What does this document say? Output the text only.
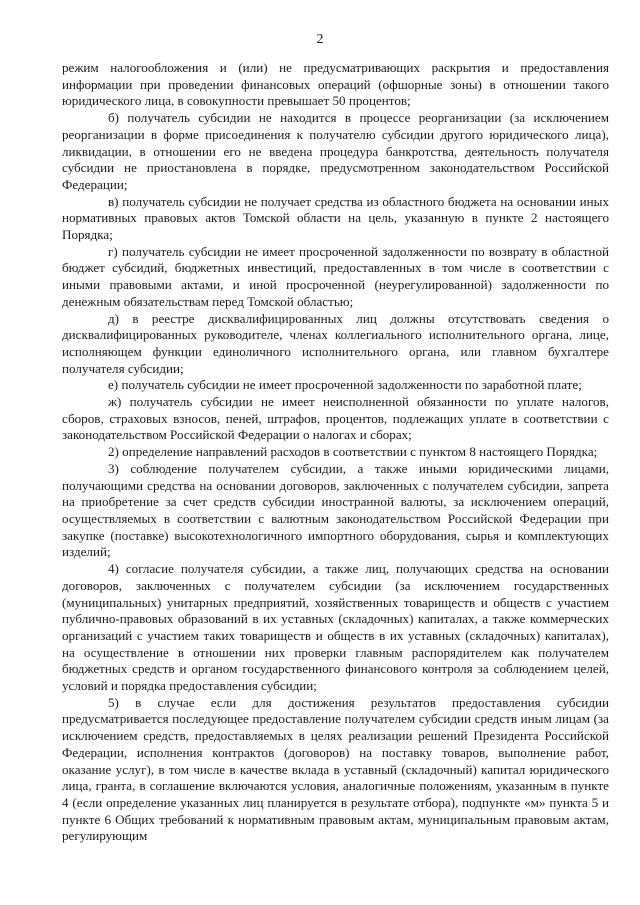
2

режим налогообложения и (или) не предусматривающих раскрытия и предоставления информации при проведении финансовых операций (офшорные зоны) в отношении такого юридического лица, в совокупности превышает 50 процентов;

б) получатель субсидии не находится в процессе реорганизации (за исключением реорганизации в форме присоединения к получателю субсидии другого юридического лица), ликвидации, в отношении его не введена процедура банкротства, деятельность получателя субсидии не приостановлена в порядке, предусмотренном законодательством Российской Федерации;

в) получатель субсидии не получает средства из областного бюджета на основании иных нормативных правовых актов Томской области на цель, указанную в пункте 2 настоящего Порядка;

г) получатель субсидии не имеет просроченной задолженности по возврату в областной бюджет субсидий, бюджетных инвестиций, предоставленных в том числе в соответствии с иными правовыми актами, и иной просроченной (неурегулированной) задолженности по денежным обязательствам перед Томской областью;

д) в реестре дисквалифицированных лиц должны отсутствовать сведения о дисквалифицированных руководителе, членах коллегиального исполнительного органа, лице, исполняющем функции единоличного исполнительного органа, или главном бухгалтере получателя субсидии;

е) получатель субсидии не имеет просроченной задолженности по заработной плате;

ж) получатель субсидии не имеет неисполненной обязанности по уплате налогов, сборов, страховых взносов, пеней, штрафов, процентов, подлежащих уплате в соответствии с законодательством Российской Федерации о налогах и сборах;

2) определение направлений расходов в соответствии с пунктом 8 настоящего Порядка;

3) соблюдение получателем субсидии, а также иными юридическими лицами, получающими средства на основании договоров, заключенных с получателем субсидии, запрета на приобретение за счет средств субсидии иностранной валюты, за исключением операций, осуществляемых в соответствии с валютным законодательством Российской Федерации при закупке (поставке) высокотехнологичного импортного оборудования, сырья и комплектующих изделий;

4) согласие получателя субсидии, а также лиц, получающих средства на основании договоров, заключенных с получателем субсидии (за исключением государственных (муниципальных) унитарных предприятий, хозяйственных товариществ и обществ с участием публично-правовых образований в их уставных (складочных) капиталах, а также коммерческих организаций с участием таких товариществ и обществ в их уставных (складочных) капиталах), на осуществление в отношении них проверки главным распорядителем как получателем бюджетных средств и органом государственного финансового контроля за соблюдением целей, условий и порядка предоставления субсидии;

5) в случае если для достижения результатов предоставления субсидии предусматривается последующее предоставление получателем субсидии средств иным лицам (за исключением средств, предоставляемых в целях реализации решений Президента Российской Федерации, исполнения контрактов (договоров) на поставку товаров, выполнение работ, оказание услуг), в том числе в качестве вклада в уставный (складочный) капитал юридического лица, гранта, в соглашение включаются условия, аналогичные положениям, указанным в пункте 4 (если определение указанных лиц планируется в результате отбора), подпункте «м» пункта 5 и пункте 6 Общих требований к нормативным правовым актам, муниципальным правовым актам, регулирующим
